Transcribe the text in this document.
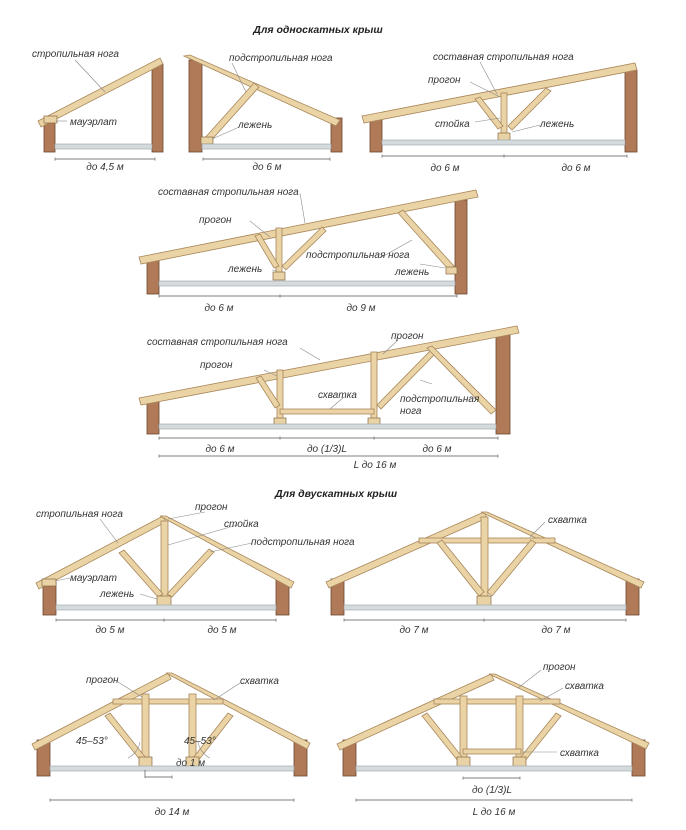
Для односкатных крыш
Для двускатных крыш
стропильная нога
мауэрлат
до 4,5 м
подстропильная нога
лежень
до 6 м
составная стропильная нога
прогон
стойка	лежень
до 6 м	до 6 м
составная стропильная нога
прогон
подстропильная нога
лежень	лежень
до 6 м	до 9 м
составная стропильная нога
прогон
прогон
схватка	подстропильная
нога
до 6 м	до (1/3)L	до 6 м
L до 16 м
стропильная нога
прогон
стойка
подстропильная нога
мауэрлат
лежень
до 5 м	до 5 м
схватка
до 7 м	до 7 м
прогон	схватка
45–53°	45–53°
до 1 м
до 14 м
прогон
схватка
схватка
до (1/3)L
L до 16 м
